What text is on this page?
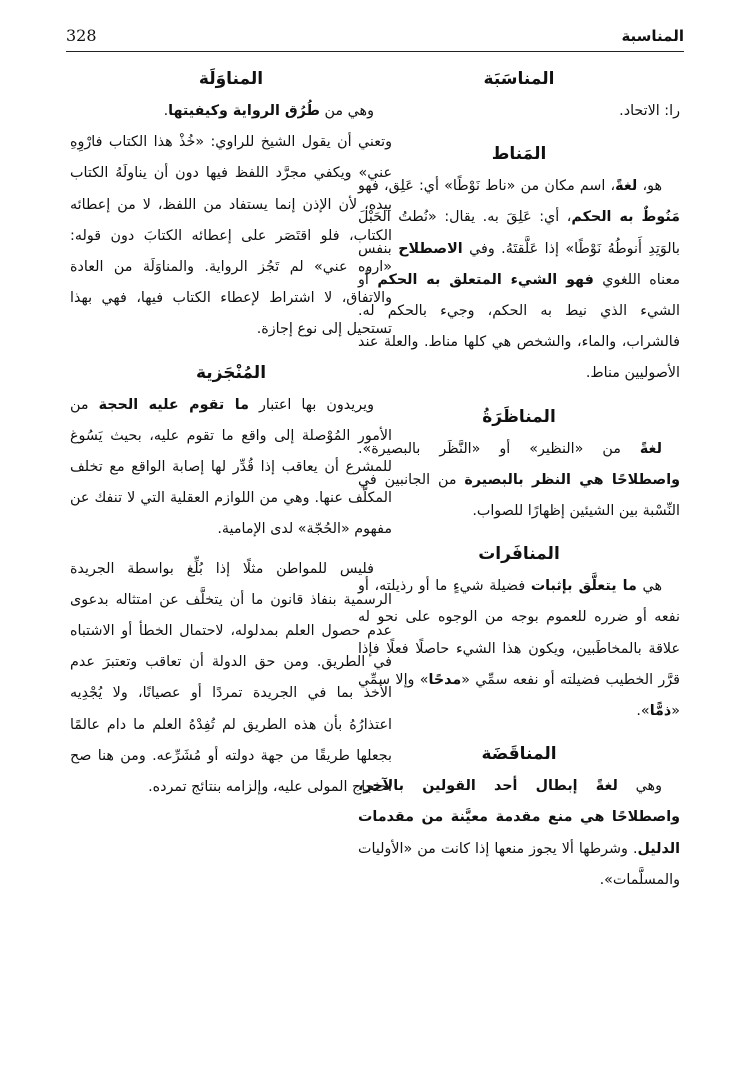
328	المناسبة
المناسَبَة

را: الاتحاد.

المَناط

هو، لغةً، اسم مكان من «ناط نَوْطًا» أي: عَلِق، فهو مَنُوطٌ به الحكم، أي: عَلِقَ به. يقال: «نُطتُ الحَبْلَ بالوَتِدِ أَنوطُهُ نَوْطًا» إذا عَلَّقتَهُ. وفي الاصطلاح بنفس معناه اللغوي فهو الشيء المتعلق به الحكم أو الشيء الذي نيط به الحكم، وجيء بالحكم له. فالشراب، والماء، والشخص هي كلها مناط. والعلة عند الأصوليين مناط.

المناظَرَةُ

لغةً من «النظير» أو «النَّظَر بالبصيرة». واصطلاحًا هي النظر بالبصيرة من الجانبين في النِّسْبة بين الشيئين إظهارًا للصواب.

المنافَرات

هي ما يتعلَّق بإثبات فضيلة شيءٍ ما أو رذيلته، أو نفعه أو ضرره للعموم بوجه من الوجوه على نحو له علاقة بالمخاطَبين، ويكون هذا الشيء حاصلًا فعلًا فإذا قرَّر الخطيب فضيلته أو نفعه سمِّي «مدحًا» وإلا سمِّي «ذمًّا».

المناقَضَة

وهي لغةً إبطال أحد القولين بالآخر، واصطلاحًا هي منع مقدمة معيَّنة من مقدمات الدليل. وشرطها ألا يجوز منعها إذا كانت من «الأوليات والمسلَّمات».

المناوَلَة

وهي من طُرُق الرواية وكيفيتها.

وتعني أن يقول الشيخ للراوي: «خُذْ هذا الكتاب فارْوِهِ عني» ويكفي مجرَّد اللفظ فيها دون أن يناولَهُ الكتاب بيده، لأن الإذن إنما يستفاد من اللفظ، لا من إعطائه الكتاب، فلو اقتَصَر على إعطائه الكتابَ دون قوله: «اروه عني» لم تَجُز الرواية. والمناوَلَة من العادة والاتفاق، لا اشتراط لإعطاء الكتاب فيها، فهي بهذا تستحيل إلى نوع إجازة.

المُنْجَزية

ويريدون بها اعتبار ما تقوم عليه الحجة من الأمور المُوْصلة إلى واقع ما تقوم عليه، بحيث يَسُوغ للمشرع أن يعاقب إذا قُدِّر لها إصابة الواقع مع تخلف المكلَّف عنها. وهي من اللوازم العقلية التي لا تنفك عن مفهوم «الحُجّة» لدى الإمامية.

فليس للمواطن مثلًا إذا بُلِّغ بواسطة الجريدة الرسمية بنفاذ قانون ما أن يتخلَّف عن امتثاله بدعوى عدم حصول العلم بمدلوله، لاحتمال الخطأ أو الاشتباه في الطريق. ومن حق الدولة أن تعاقب وتعتبرَ عدم الأخذ بما في الجريدة تمردًا أو عصيانًا، ولا يُجْدِيه اعتذارُهُ بأن هذه الطريق لم تُفِدْهُ العلم ما دام عالمًا بجعلها طريقًا من جهة دولته أو مُشَرِّعه. ومن هنا صح احتجاج المولى عليه، وإلزامه بنتائج تمرده.
